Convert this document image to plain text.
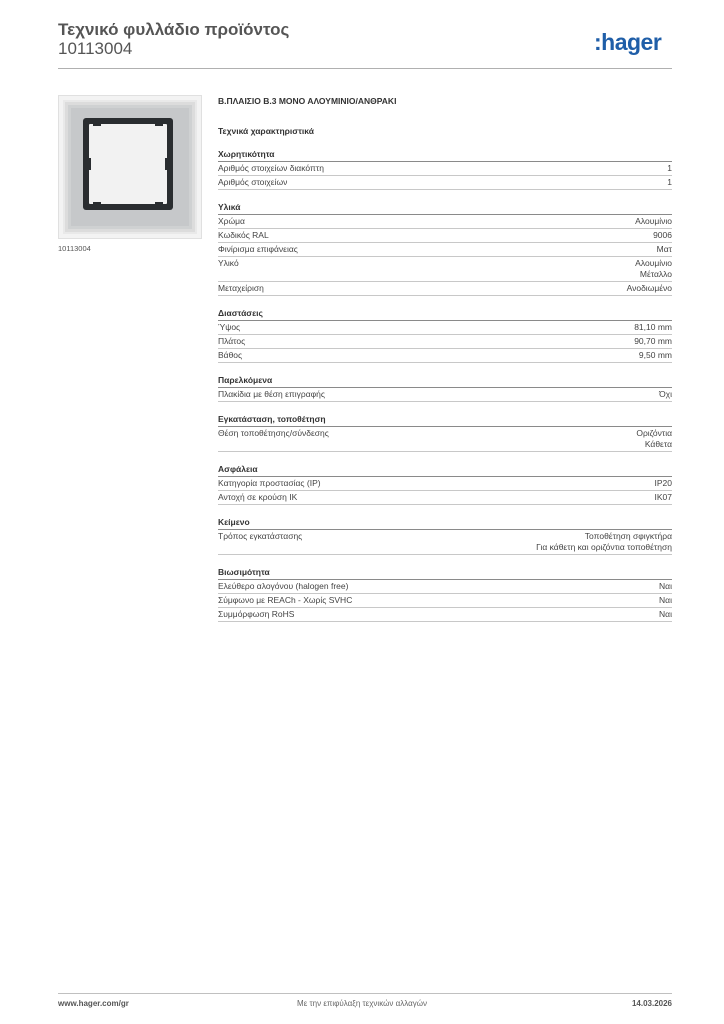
Τεχνικό φυλλάδιο προϊόντος
10113004	:hager
10113004
B.ΠΛΑΙΣΙΟ B.3 ΜΟΝΟ ΑΛΟΥΜΙΝΙΟ/ΑΝΘΡΑΚΙ
Τεχνικά χαρακτηριστικά
Χωρητικότητα
Αριθμός στοιχείων διακόπτη	1
Αριθμός στοιχείων	1
Υλικά
Χρώμα	Αλουμίνιο
Κωδικός RAL	9006
Φινίρισμα επιφάνειας	Ματ
Υλικό	Αλουμίνιο
Μέταλλο
Μεταχείριση	Ανοδιωμένο
Διαστάσεις
Ύψος	81,10 mm
Πλάτος	90,70 mm
Βάθος	9,50 mm
Παρελκόμενα
Πλακίδια με θέση επιγραφής	Όχι
Εγκατάσταση, τοποθέτηση
Θέση τοποθέτησης/σύνδεσης	Οριζόντια
Κάθετα
Ασφάλεια
Κατηγορία προστασίας (IP)	IP20
Αντοχή σε κρούση IK	IK07
Κείμενο
Τρόπος εγκατάστασης	Τοποθέτηση σφιγκτήρα
Για κάθετη και οριζόντια τοποθέτηση
Βιωσιμότητα
Ελεύθερο αλογόνου (halogen free)	Ναι
Σύμφωνο με REACh - Χωρίς SVHC	Ναι
Συμμόρφωση RoHS	Ναι
www.hager.com/gr	Με την επιφύλαξη τεχνικών αλλαγών	14.03.2026
